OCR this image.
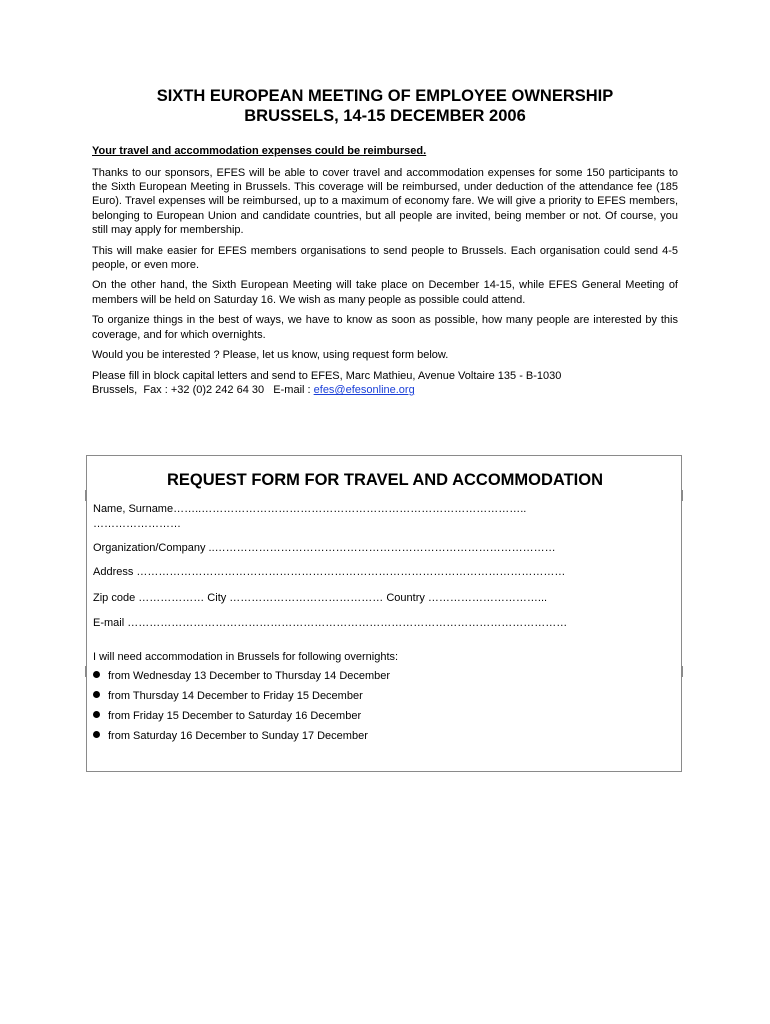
SIXTH EUROPEAN MEETING OF EMPLOYEE OWNERSHIP
BRUSSELS, 14-15 DECEMBER 2006
Your travel and accommodation expenses could be reimbursed.

Thanks to our sponsors, EFES will be able to cover travel and accommodation expenses for some 150 participants to the Sixth European Meeting in Brussels. This coverage will be reimbursed, under deduction of the attendance fee (185 Euro). Travel expenses will be reimbursed, up to a maximum of economy fare. We will give a priority to EFES members, belonging to European Union and candidate countries, but all people are invited, being member or not. Of course, you still may apply for membership.

This will make easier for EFES members organisations to send people to Brussels. Each organisation could send 4-5 people, or even more.

On the other hand, the Sixth European Meeting will take place on December 14-15, while EFES General Meeting of members will be held on Saturday 16. We wish as many people as possible could attend.

To organize things in the best of ways, we have to know as soon as possible, how many people are interested by this coverage, and for which overnights.

Would you be interested ? Please, let us know, using request form below.

Please fill in block capital letters and send to EFES, Marc Mathieu, Avenue Voltaire 135 - B-1030
Brussels,  Fax : +32 (0)2 242 64 30   E-mail : efes@efesonline.org

REQUEST FORM FOR TRAVEL AND ACCOMMODATION
Name, Surname……..……………………………………………………………………………..
……………………
Organization/Company ..…………………………………………………………………………………
Address ………………………………………………………………………………………………………
Zip code ……………… City …………………………………… Country …………………………...
E-mail …………………………………………………………………………………………………………
I will need accommodation in Brussels for following overnights:
from Wednesday 13 December to Thursday 14 December
from Thursday 14 December to Friday 15 December
from Friday 15 December to Saturday 16 December
from Saturday 16 December to Sunday 17 December
